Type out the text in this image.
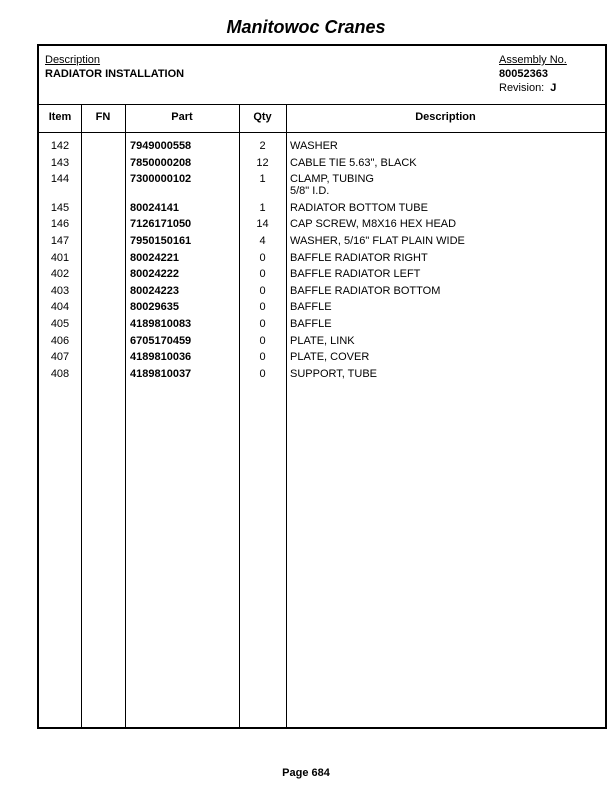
Manitowoc Cranes
Description
RADIATOR INSTALLATION
Assembly No.
80052363
Revision: J
Item	FN	Part	Qty	Description
142	7949000558	2	WASHER
143	7850000208	12	CABLE TIE 5.63", BLACK
144	7300000102	1	CLAMP, TUBING
5/8" I.D.
145	80024141	1	RADIATOR BOTTOM TUBE
146	7126171050	14	CAP SCREW, M8X16 HEX HEAD
147	7950150161	4	WASHER, 5/16" FLAT PLAIN WIDE
401	80024221	0	BAFFLE RADIATOR RIGHT
402	80024222	0	BAFFLE RADIATOR LEFT
403	80024223	0	BAFFLE RADIATOR BOTTOM
404	80029635	0	BAFFLE
405	4189810083	0	BAFFLE
406	6705170459	0	PLATE, LINK
407	4189810036	0	PLATE, COVER
408	4189810037	0	SUPPORT, TUBE
Page 684
